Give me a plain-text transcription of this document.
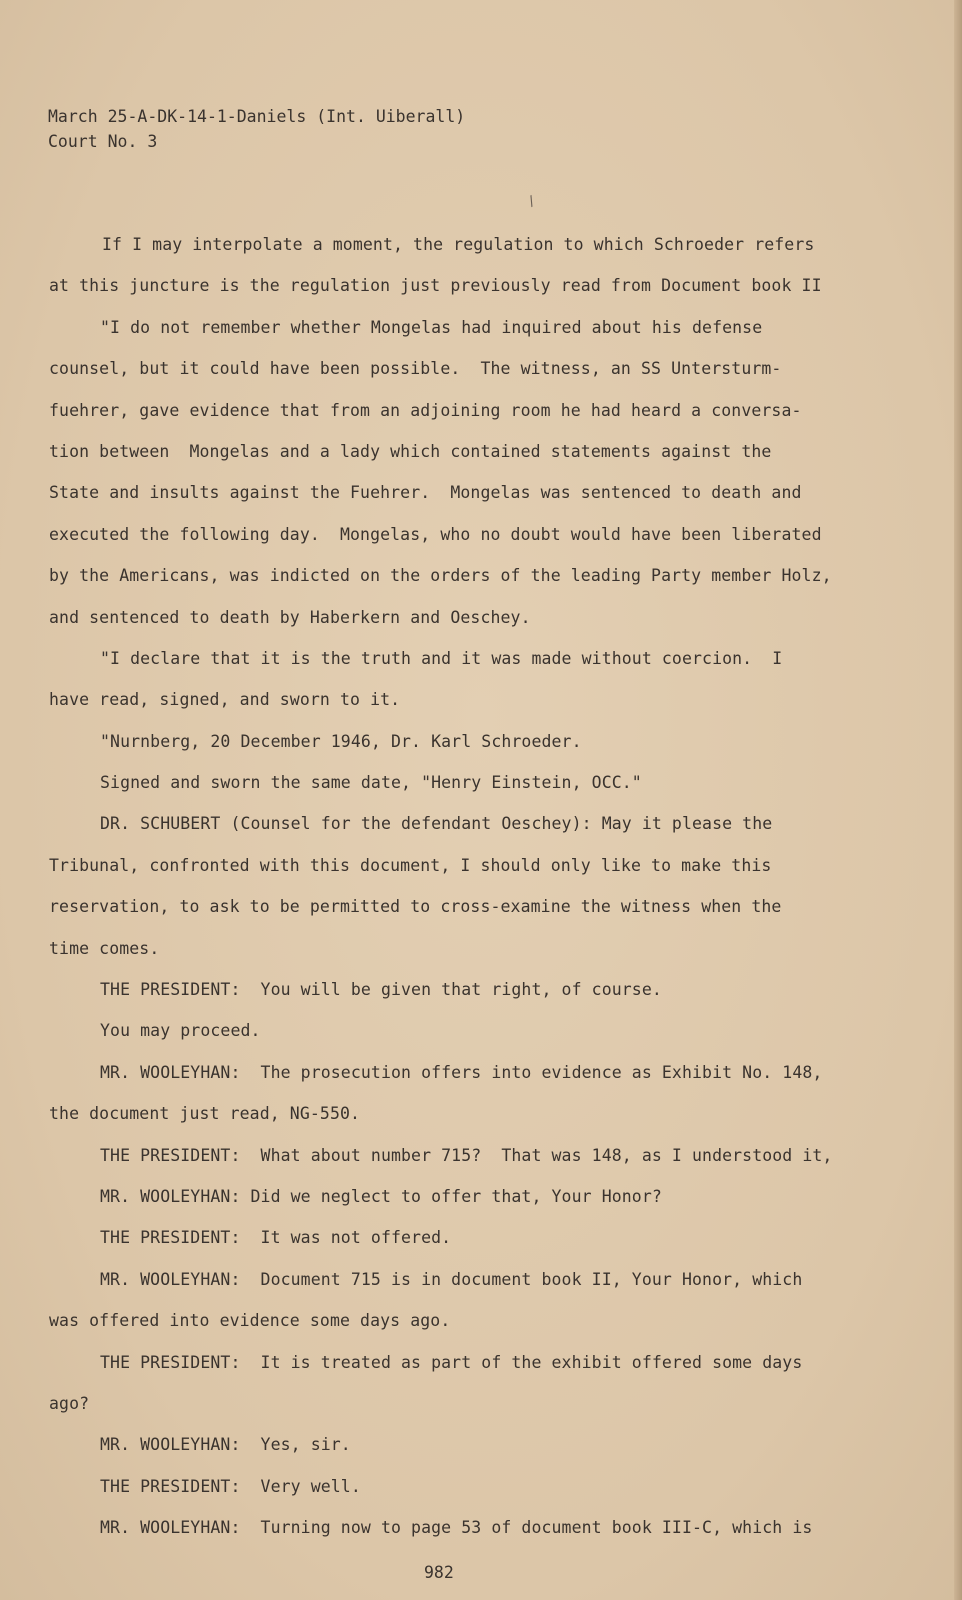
March 25-A-DK-14-1-Daniels (Int. Uiberall)
Court No. 3
/
If I may interpolate a moment, the regulation to which Schroeder refers
at this juncture is the regulation just previously read from Document book II
"I do not remember whether Mongelas had inquired about his defense
counsel, but it could have been possible.  The witness, an SS Untersturm-
fuehrer, gave evidence that from an adjoining room he had heard a conversa-
tion between  Mongelas and a lady which contained statements against the
State and insults against the Fuehrer.  Mongelas was sentenced to death and
executed the following day.  Mongelas, who no doubt would have been liberated
by the Americans, was indicted on the orders of the leading Party member Holz,
and sentenced to death by Haberkern and Oeschey.
"I declare that it is the truth and it was made without coercion.  I
have read, signed, and sworn to it.
"Nurnberg, 20 December 1946, Dr. Karl Schroeder.
Signed and sworn the same date, "Henry Einstein, OCC."
DR. SCHUBERT (Counsel for the defendant Oeschey): May it please the
Tribunal, confronted with this document, I should only like to make this
reservation, to ask to be permitted to cross-examine the witness when the
time comes.
THE PRESIDENT:  You will be given that right, of course.
You may proceed.
MR. WOOLEYHAN:  The prosecution offers into evidence as Exhibit No. 148,
the document just read, NG-550.
THE PRESIDENT:  What about number 715?  That was 148, as I understood it,
MR. WOOLEYHAN: Did we neglect to offer that, Your Honor?
THE PRESIDENT:  It was not offered.
MR. WOOLEYHAN:  Document 715 is in document book II, Your Honor, which
was offered into evidence some days ago.
THE PRESIDENT:  It is treated as part of the exhibit offered some days
ago?
MR. WOOLEYHAN:  Yes, sir.
THE PRESIDENT:  Very well.
MR. WOOLEYHAN:  Turning now to page 53 of document book III-C, which is
982
